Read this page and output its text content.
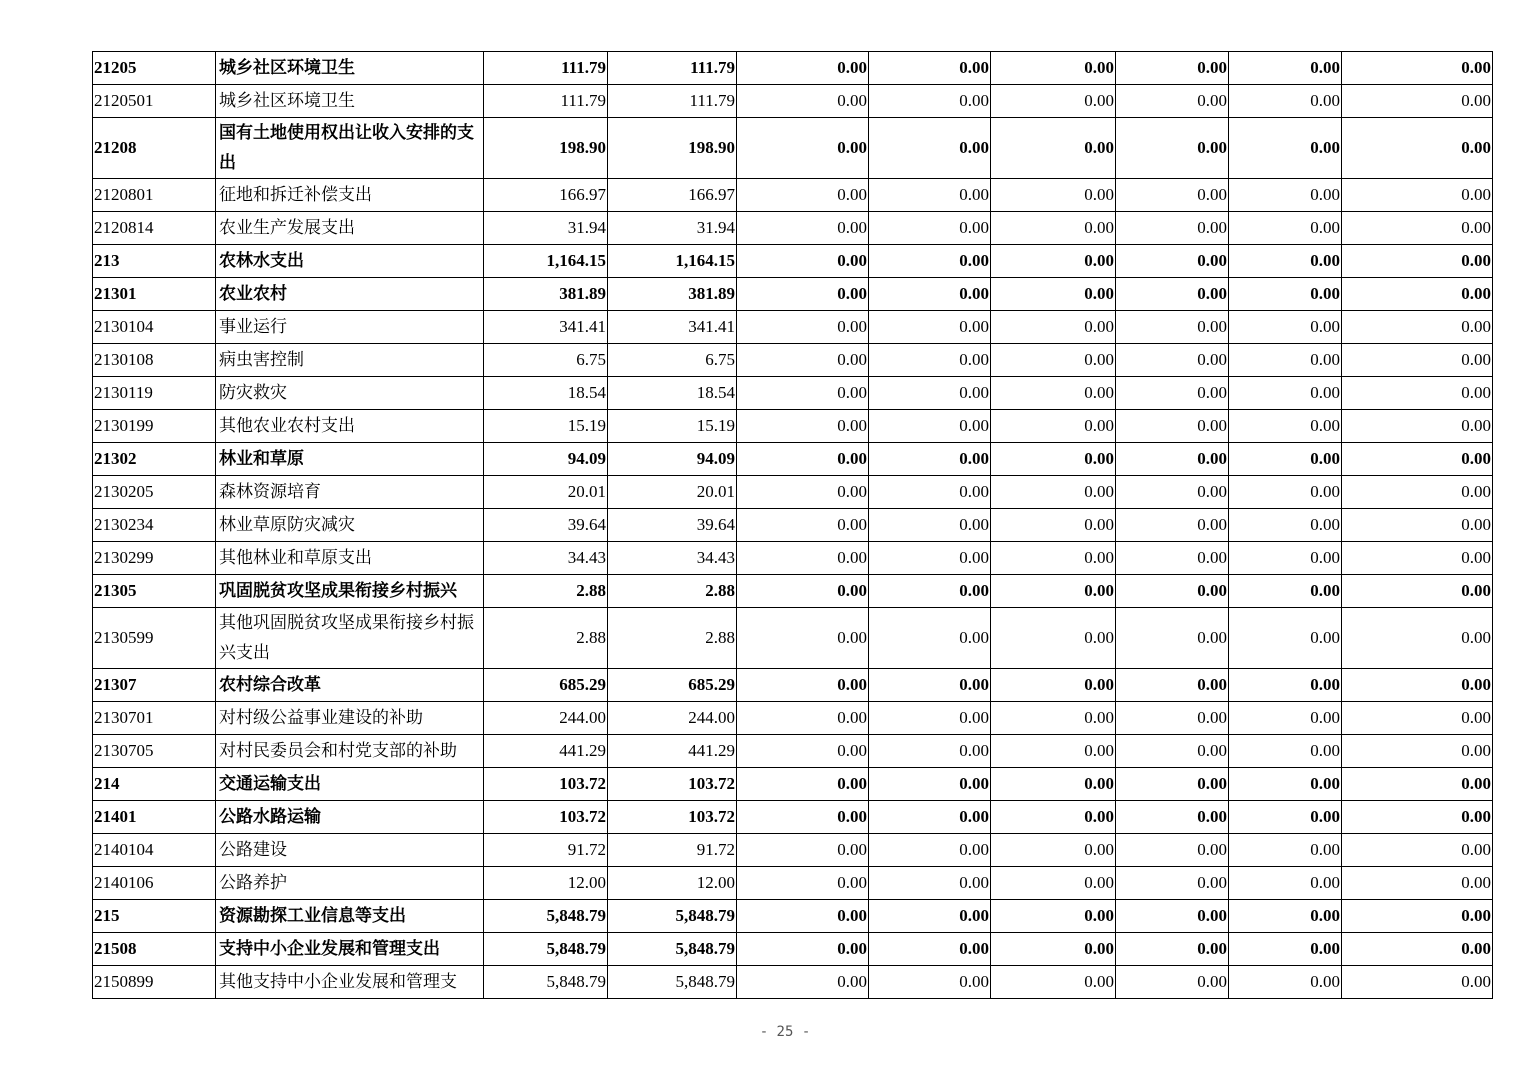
21205	城乡社区环境卫生	111.79	111.79	0.00	0.00	0.00	0.00	0.00	0.00
2120501	城乡社区环境卫生	111.79	111.79	0.00	0.00	0.00	0.00	0.00	0.00
21208	国有土地使用权出让收入安排的支出	198.90	198.90	0.00	0.00	0.00	0.00	0.00	0.00
2120801	征地和拆迁补偿支出	166.97	166.97	0.00	0.00	0.00	0.00	0.00	0.00
2120814	农业生产发展支出	31.94	31.94	0.00	0.00	0.00	0.00	0.00	0.00
213	农林水支出	1,164.15	1,164.15	0.00	0.00	0.00	0.00	0.00	0.00
21301	农业农村	381.89	381.89	0.00	0.00	0.00	0.00	0.00	0.00
2130104	事业运行	341.41	341.41	0.00	0.00	0.00	0.00	0.00	0.00
2130108	病虫害控制	6.75	6.75	0.00	0.00	0.00	0.00	0.00	0.00
2130119	防灾救灾	18.54	18.54	0.00	0.00	0.00	0.00	0.00	0.00
2130199	其他农业农村支出	15.19	15.19	0.00	0.00	0.00	0.00	0.00	0.00
21302	林业和草原	94.09	94.09	0.00	0.00	0.00	0.00	0.00	0.00
2130205	森林资源培育	20.01	20.01	0.00	0.00	0.00	0.00	0.00	0.00
2130234	林业草原防灾减灾	39.64	39.64	0.00	0.00	0.00	0.00	0.00	0.00
2130299	其他林业和草原支出	34.43	34.43	0.00	0.00	0.00	0.00	0.00	0.00
21305	巩固脱贫攻坚成果衔接乡村振兴	2.88	2.88	0.00	0.00	0.00	0.00	0.00	0.00
2130599	其他巩固脱贫攻坚成果衔接乡村振兴支出	2.88	2.88	0.00	0.00	0.00	0.00	0.00	0.00
21307	农村综合改革	685.29	685.29	0.00	0.00	0.00	0.00	0.00	0.00
2130701	对村级公益事业建设的补助	244.00	244.00	0.00	0.00	0.00	0.00	0.00	0.00
2130705	对村民委员会和村党支部的补助	441.29	441.29	0.00	0.00	0.00	0.00	0.00	0.00
214	交通运输支出	103.72	103.72	0.00	0.00	0.00	0.00	0.00	0.00
21401	公路水路运输	103.72	103.72	0.00	0.00	0.00	0.00	0.00	0.00
2140104	公路建设	91.72	91.72	0.00	0.00	0.00	0.00	0.00	0.00
2140106	公路养护	12.00	12.00	0.00	0.00	0.00	0.00	0.00	0.00
215	资源勘探工业信息等支出	5,848.79	5,848.79	0.00	0.00	0.00	0.00	0.00	0.00
21508	支持中小企业发展和管理支出	5,848.79	5,848.79	0.00	0.00	0.00	0.00	0.00	0.00
2150899	其他支持中小企业发展和管理支	5,848.79	5,848.79	0.00	0.00	0.00	0.00	0.00	0.00
- 25 -
